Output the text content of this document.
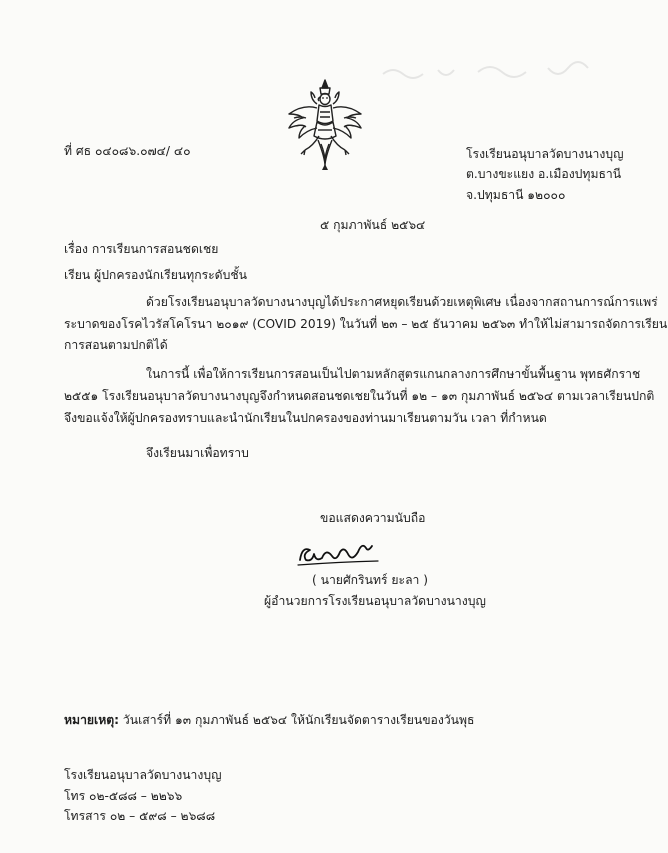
ที่ ศธ ๐๔๐๘๖.๐๗๔/ ๔๐	โรงเรียนอนุบาลวัดบางนางบุญ
ต.บางขะแยง อ.เมืองปทุมธานี
จ.ปทุมธานี ๑๒๐๐๐
๕ กุมภาพันธ์ ๒๕๖๔
เรื่อง การเรียนการสอนชดเชย
เรียน ผู้ปกครองนักเรียนทุกระดับชั้น
ด้วยโรงเรียนอนุบาลวัดบางนางบุญได้ประกาศหยุดเรียนด้วยเหตุพิเศษ เนื่องจากสถานการณ์การแพร่
ระบาดของโรคไวรัสโคโรนา ๒๐๑๙ (COVID 2019) ในวันที่ ๒๓ – ๒๕ ธันวาคม ๒๕๖๓ ทำให้ไม่สามารถจัดการเรียน
การสอนตามปกติได้
ในการนี้ เพื่อให้การเรียนการสอนเป็นไปตามหลักสูตรแกนกลางการศึกษาขั้นพื้นฐาน พุทธศักราช
๒๕๕๑ โรงเรียนอนุบาลวัดบางนางบุญจึงกำหนดสอนชดเชยในวันที่ ๑๒ – ๑๓ กุมภาพันธ์ ๒๕๖๔ ตามเวลาเรียนปกติ
จึงขอแจ้งให้ผู้ปกครองทราบและนำนักเรียนในปกครองของท่านมาเรียนตามวัน เวลา ที่กำหนด
จึงเรียนมาเพื่อทราบ
ขอแสดงความนับถือ
( นายศักรินทร์ ยะลา )
ผู้อำนวยการโรงเรียนอนุบาลวัดบางนางบุญ
หมายเหตุ: วันเสาร์ที่ ๑๓ กุมภาพันธ์ ๒๕๖๔ ให้นักเรียนจัดตารางเรียนของวันพุธ
โรงเรียนอนุบาลวัดบางนางบุญ
โทร ๐๒-๕๘๘ – ๒๒๖๖
โทรสาร ๐๒ – ๕๙๘ – ๒๖๘๘
